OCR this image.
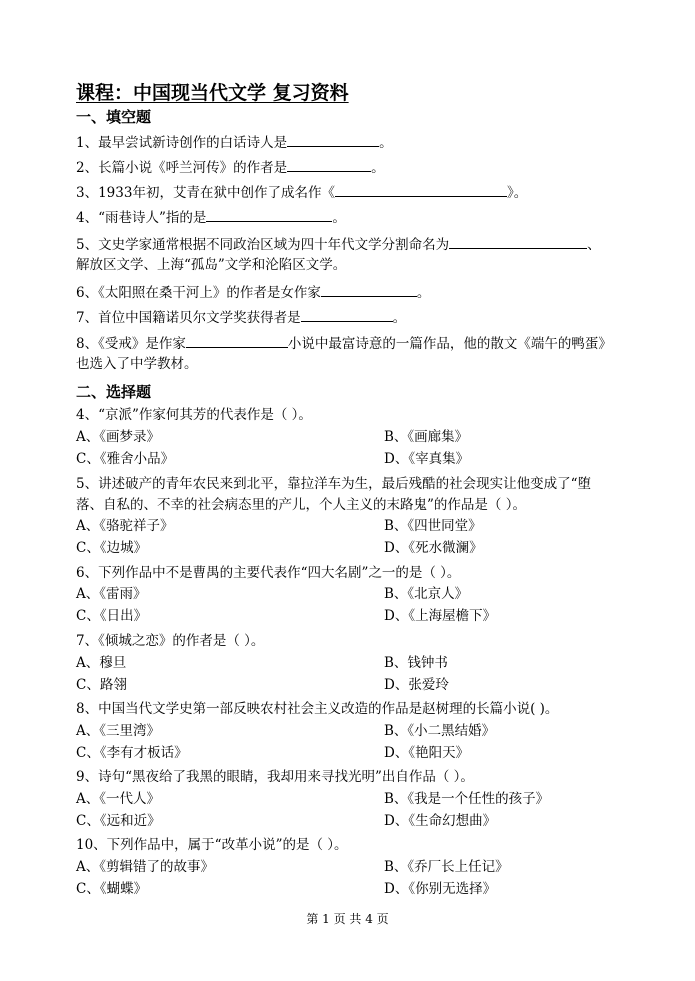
课程：中国现当代文学 复习资料
一、填空题
1、最早尝试新诗创作的白话诗人是	。
2、长篇小说《呼兰河传》的作者是	。
3、1933年初，艾青在狱中创作了成名作《	》。
4、“雨巷诗人”指的是	。
5、文史学家通常根据不同政治区域为四十年代文学分割命名为	、
解放区文学、上海“孤岛”文学和沦陷区文学。
6、《太阳照在桑干河上》的作者是女作家	。
7、首位中国籍诺贝尔文学奖获得者是	。
8、《受戒》是作家	小说中最富诗意的一篇作品，他的散文《端午的鸭蛋》
也选入了中学教材。
二、选择题
4、“京派”作家何其芳的代表作是（ ）。
A、《画梦录》	B、《画廊集》
C、《雅舍小品》	D、《宰真集》
5、讲述破产的青年农民来到北平，靠拉洋车为生，最后残酷的社会现实让他变成了“堕
落、自私的、不幸的社会病态里的产儿，个人主义的末路鬼”的作品是（ ）。
A、《骆驼祥子》	B、《四世同堂》
C、《边城》	D、《死水微澜》
6、下列作品中不是曹禺的主要代表作“四大名剧”之一的是（ ）。
A、《雷雨》	B、《北京人》
C、《日出》	D、《上海屋檐下》
7、《倾城之恋》的作者是（ ）。
A、穆旦	B、钱钟书
C、路翎	D、张爱玲
8、中国当代文学史第一部反映农村社会主义改造的作品是赵树理的长篇小说( )。
A、《三里湾》	B、《小二黑结婚》
C、《李有才板话》	D、《艳阳天》
9、诗句“黑夜给了我黑的眼睛，我却用来寻找光明”出自作品（ ）。
A、《一代人》	B、《我是一个任性的孩子》
C、《远和近》	D、《生命幻想曲》
10、下列作品中，属于“改革小说”的是（ ）。
A、《剪辑错了的故事》	B、《乔厂长上任记》
C、《蝴蝶》	D、《你别无选择》
第 1 页 共 4 页
